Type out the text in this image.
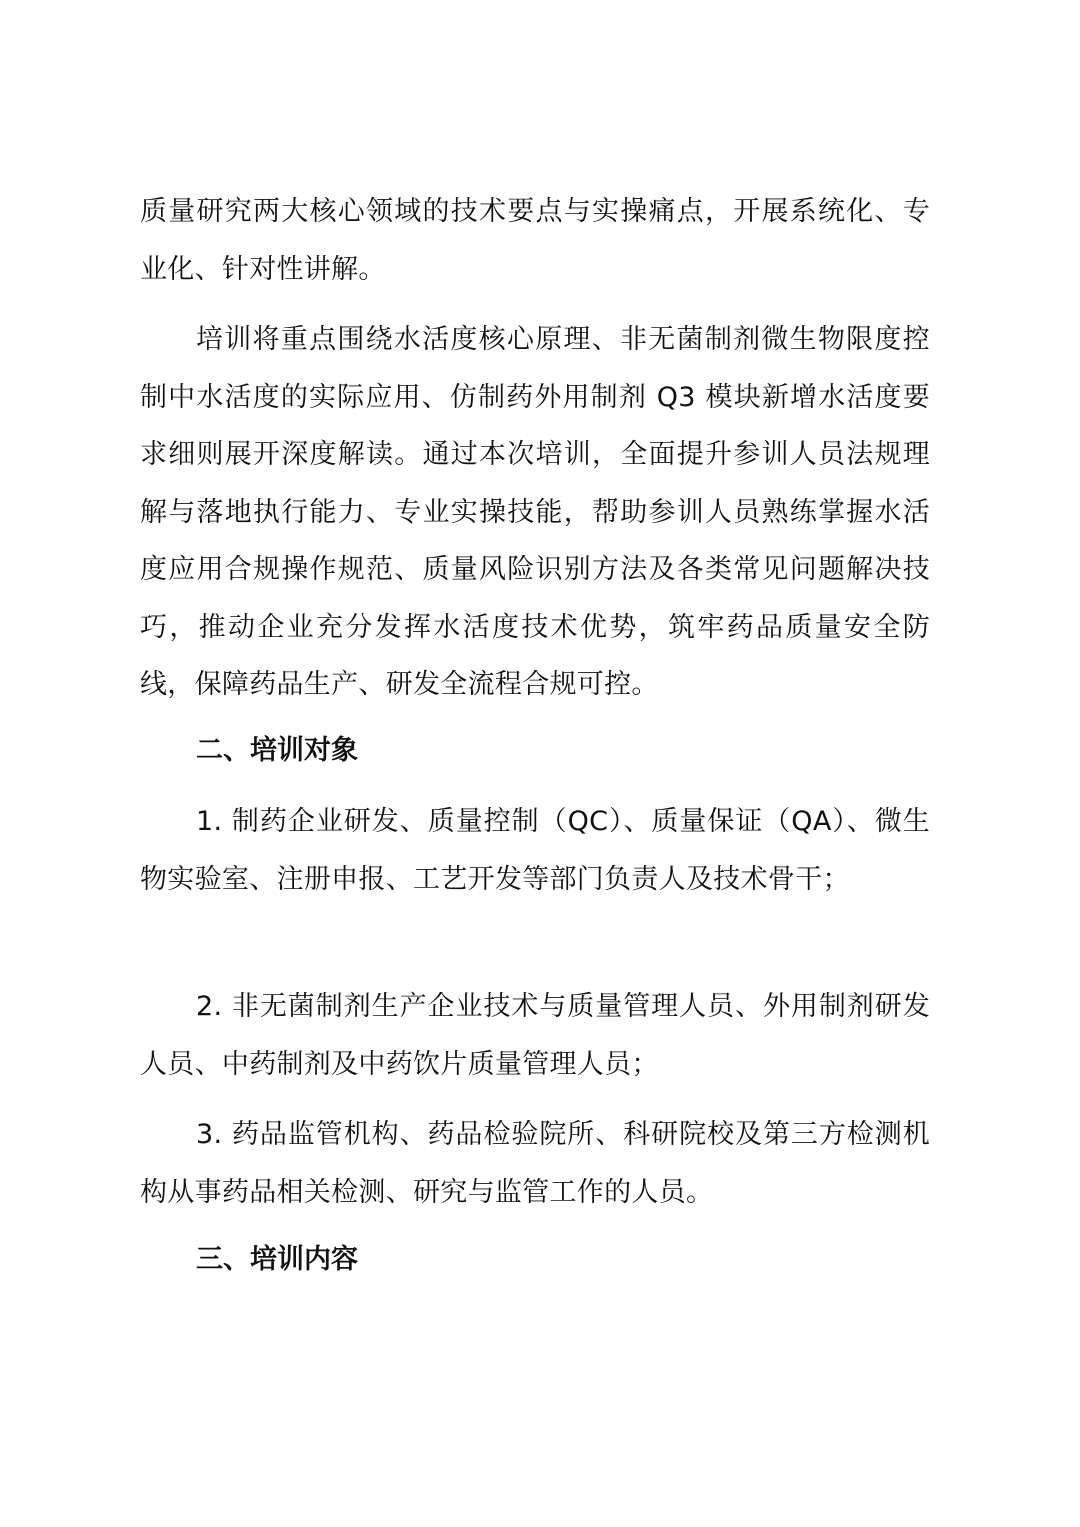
质量研究两大核心领域的技术要点与实操痛点，开展系统化、专业化、针对性讲解。

培训将重点围绕水活度核心原理、非无菌制剂微生物限度控制中水活度的实际应用、仿制药外用制剂 Q3 模块新增水活度要求细则展开深度解读。通过本次培训，全面提升参训人员法规理解与落地执行能力、专业实操技能，帮助参训人员熟练掌握水活度应用合规操作规范、质量风险识别方法及各类常见问题解决技巧，推动企业充分发挥水活度技术优势，筑牢药品质量安全防线，保障药品生产、研发全流程合规可控。

二、培训对象

1. 制药企业研发、质量控制（QC）、质量保证（QA）、微生物实验室、注册申报、工艺开发等部门负责人及技术骨干；

2. 非无菌制剂生产企业技术与质量管理人员、外用制剂研发人员、中药制剂及中药饮片质量管理人员；

3. 药品监管机构、药品检验院所、科研院校及第三方检测机构从事药品相关检测、研究与监管工作的人员。

三、培训内容
